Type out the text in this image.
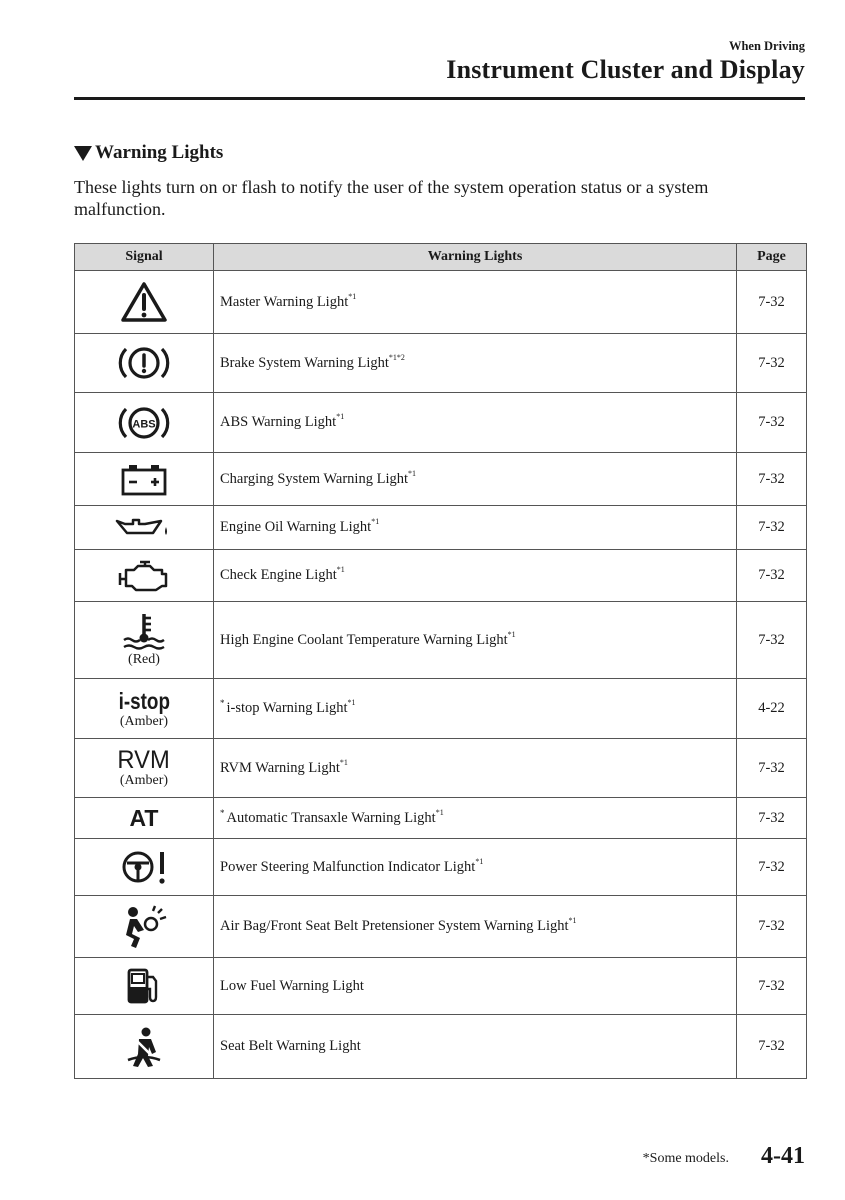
When Driving
Instrument Cluster and Display
Warning Lights
These lights turn on or flash to notify the user of the system operation status or a system malfunction.
Signal	Warning Lights	Page

	Master Warning Light$^{*1}$	7-32

	Brake System Warning Light$^{*1*2}$	7-32

ABS	ABS Warning Light$^{*1}$	7-32

	Charging System Warning Light$^{*1}$	7-32

	Engine Oil Warning Light$^{*1}$	7-32

	Check Engine Light$^{*1}$	7-32

(Red)	High Engine Coolant Temperature Warning Light$^{*1}$	7-32

i-stop
(Amber)	* i-stop Warning Light$^{*1}$	4-22

RVM
(Amber)	RVM Warning Light$^{*1}$	7-32

AT	* Automatic Transaxle Warning Light$^{*1}$	7-32

	Power Steering Malfunction Indicator Light$^{*1}$	7-32

	Air Bag/Front Seat Belt Pretensioner System Warning Light$^{*1}$	7-32

	Low Fuel Warning Light	7-32

	Seat Belt Warning Light	7-32
*Some models. 4-41
